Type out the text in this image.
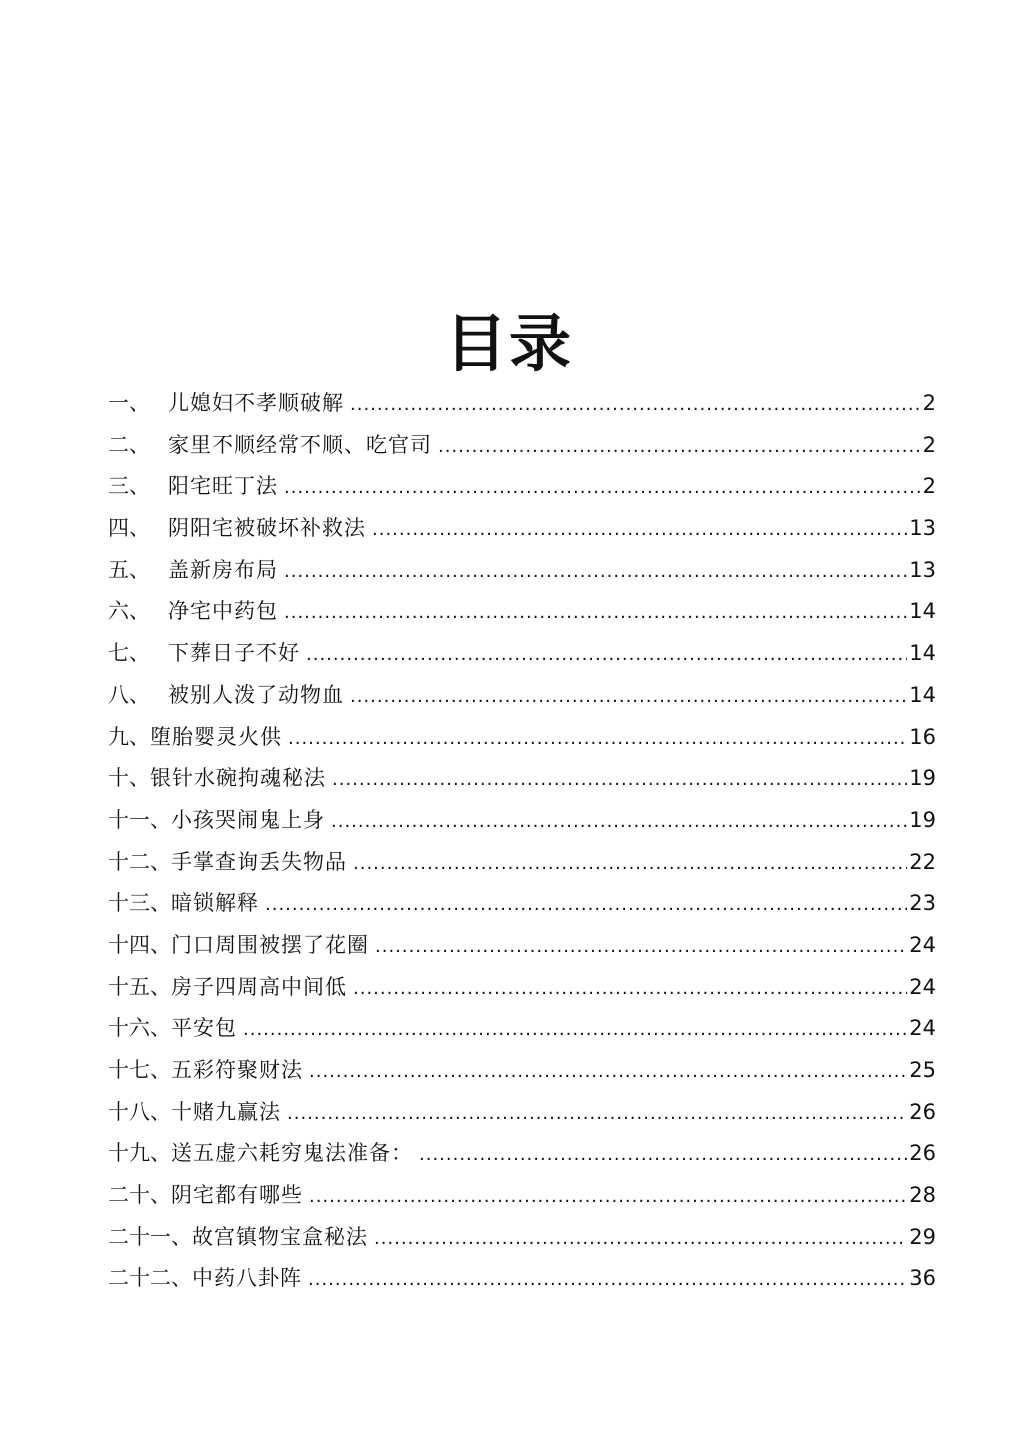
目录
一、 儿媳妇不孝顺破解 .....	2
二、 家里不顺经常不顺、吃官司 .....	2
三、 阳宅旺丁法 .....	2
四、 阴阳宅被破坏补救法 .....	13
五、 盖新房布局 .....	13
六、 净宅中药包 .....	14
七、 下葬日子不好 .....	14
八、 被别人泼了动物血 .....	14
九、 堕胎婴灵火供 .....	16
十、 银针水碗拘魂秘法 .....	19
十一、 小孩哭闹鬼上身 .....	19
十二、 手掌查询丢失物品 .....	22
十三、 暗锁解释 .....	23
十四、 门口周围被摆了花圈 .....	24
十五、 房子四周高中间低 .....	24
十六、 平安包 .....	24
十七、 五彩符聚财法 .....	25
十八、 十赌九赢法 .....	26
十九、 送五虚六耗穷鬼法准备： .....	26
二十、 阴宅都有哪些 .....	28
二十一、 故宫镇物宝盒秘法 .....	29
二十二、 中药八卦阵 .....	36
